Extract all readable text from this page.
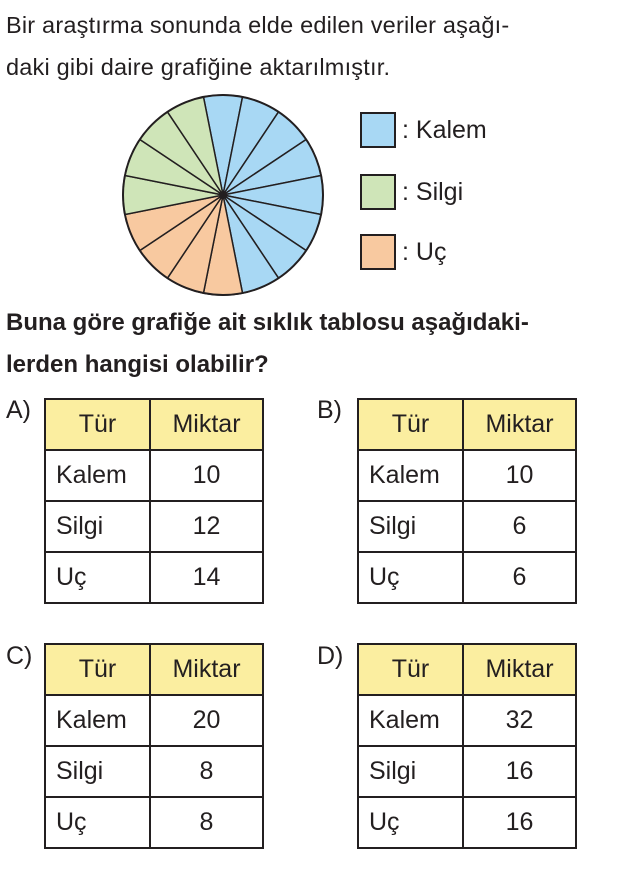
Bir araştırma sonunda elde edilen veriler aşağı-
daki gibi daire grafiğine aktarılmıştır.
: Kalem
: Silgi
: Uç
Buna göre grafiğe ait sıklık tablosu aşağıdaki-
lerden hangisi olabilir?
A) Tür	Miktar
Kalem	10
Silgi	12
Uç	14
B) Tür	Miktar
Kalem	10
Silgi	6
Uç	6
C) Tür	Miktar
Kalem	20
Silgi	8
Uç	8
D) Tür	Miktar
Kalem	32
Silgi	16
Uç	16
